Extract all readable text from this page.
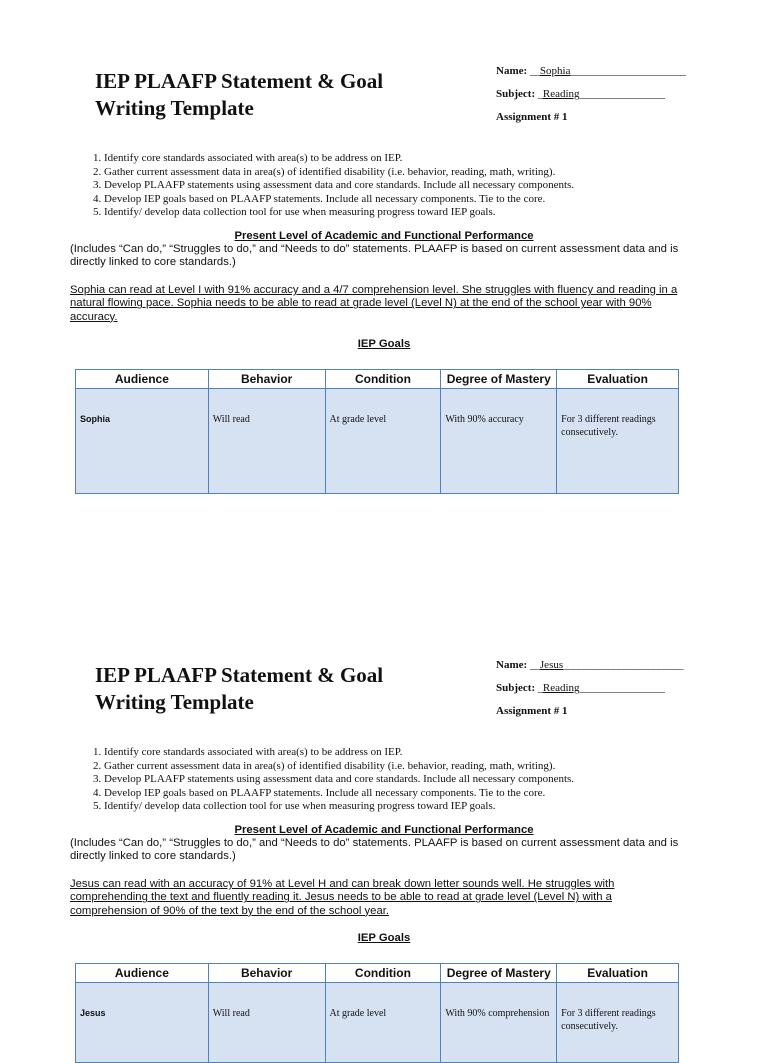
IEP PLAAFP Statement & Goal
Writing Template
Name: __Sophia_______________________
Subject: _Reading_________________
Assignment # 1
1. Identify core standards associated with area(s) to be address on IEP.
2. Gather current assessment data in area(s) of identified disability (i.e. behavior, reading, math, writing).
3. Develop PLAAFP statements using assessment data and core standards. Include all necessary components.
4. Develop IEP goals based on PLAAFP statements. Include all necessary components. Tie to the core.
5. Identify/ develop data collection tool for use when measuring progress toward IEP goals.
Present Level of Academic and Functional Performance
(Includes “Can do,” “Struggles to do,” and “Needs to do” statements. PLAAFP is based on current assessment data and is directly linked to core standards.)
Sophia can read at Level I with 91% accuracy and a 4/7 comprehension level. She struggles with fluency and reading in a natural flowing pace. Sophia needs to be able to read at grade level (Level N) at the end of the school year with 90% accuracy.
IEP Goals
Audience	Behavior	Condition	Degree of Mastery	Evaluation
Sophia	Will read	At grade level	With 90% accuracy	For 3 different readings consecutively.
IEP PLAAFP Statement & Goal
Writing Template
Name: __Jesus________________________
Subject: _Reading_________________
Assignment # 1
1. Identify core standards associated with area(s) to be address on IEP.
2. Gather current assessment data in area(s) of identified disability (i.e. behavior, reading, math, writing).
3. Develop PLAAFP statements using assessment data and core standards. Include all necessary components.
4. Develop IEP goals based on PLAAFP statements. Include all necessary components. Tie to the core.
5. Identify/ develop data collection tool for use when measuring progress toward IEP goals.
Present Level of Academic and Functional Performance
(Includes “Can do,” “Struggles to do,” and “Needs to do” statements. PLAAFP is based on current assessment data and is directly linked to core standards.)
Jesus can read with an accuracy of 91% at Level H and can break down letter sounds well. He struggles with comprehending the text and fluently reading it. Jesus needs to be able to read at grade level (Level N) with a comprehension of 90% of the text by the end of the school year.
IEP Goals
Audience	Behavior	Condition	Degree of Mastery	Evaluation
Jesus	Will read	At grade level	With 90% comprehension	For 3 different readings consecutively.
